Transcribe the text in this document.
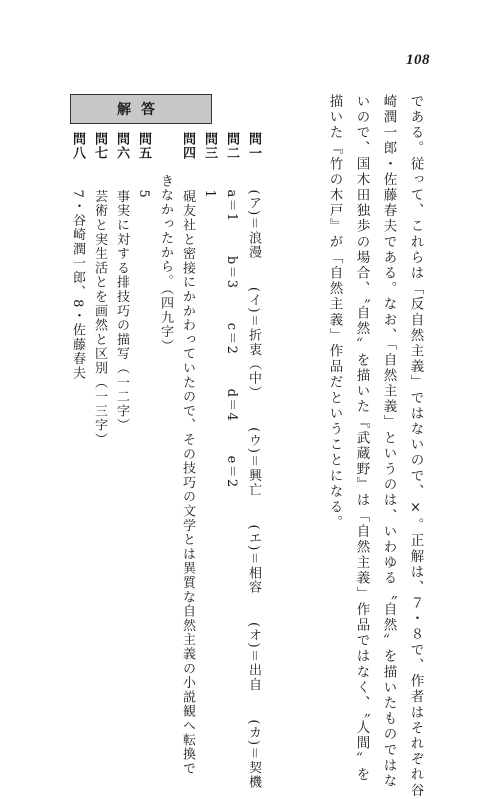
108
である。従って、これらは「反自然主義」ではないので、×。正解は、７・８で、作者はそれぞれ谷
崎潤一郎・佐藤春夫である。なお、「自然主義」というのは、いわゆる〝自然〟を描いたものではな
いので、国木田独歩の場合、〝自然〟を描いた『武蔵野』は「自然主義」作品ではなく、〝人間〟を
描いた『竹の木戸』が「自然主義」作品だということになる。
解答
問一  (ア)＝浪漫 (イ)＝折衷（中） (ウ)＝興亡 (エ)＝相容 (オ)＝出自 (カ)＝契機
問二  a＝1 b＝3 c＝2 d＝4 e＝2
問三  1
問四  硯友社と密接にかかわっていたので、その技巧の文学とは異質な自然主義の小説観へ転換で
きなかったから。（四九字）
問五  5
問六  事実に対する排技巧の描写（一二字）
問七  芸術と実生活とを画然と区別（一三字）
問八  7・谷崎潤一郎、8・佐藤春夫
